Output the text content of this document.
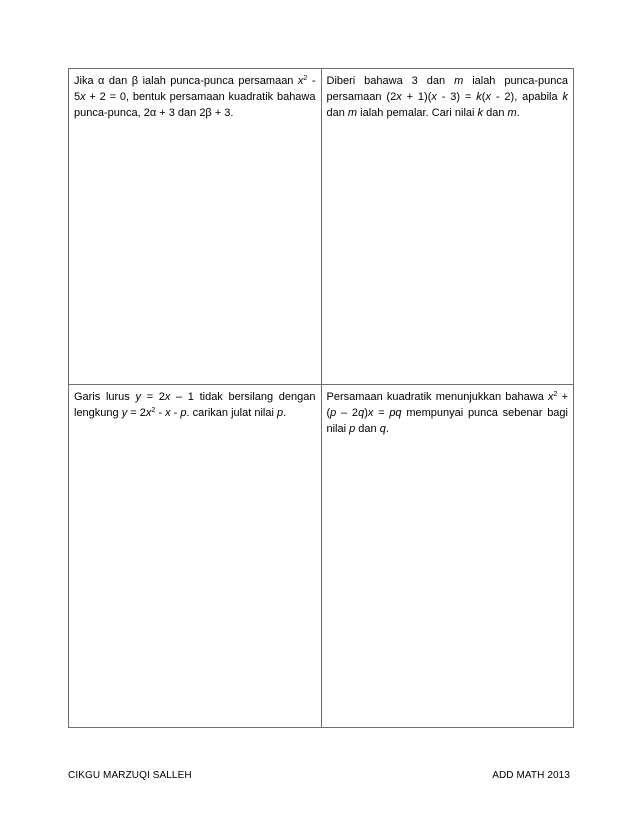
Jika α dan β ialah punca-punca persamaan $x^2 - 5x + 2 = 0$, bentuk persamaan kuadratik bahawa punca-punca, 2α + 3 dan 2β + 3.	Diberi bahawa 3 dan m ialah punca-punca persamaan (2x + 1)(x - 3) = k(x - 2), apabila k dan m ialah pemalar. Cari nilai k dan m.

Garis lurus y = 2x – 1 tidak bersilang dengan lengkung $y = 2x^2 - x - p$. carikan julat nilai p.	Persamaan kuadratik menunjukkan bahawa $x^2 + (p - 2q)x$ = pq mempunyai punca sebenar bagi nilai p dan q.
CIKGU MARZUQI SALLEH	ADD MATH 2013
